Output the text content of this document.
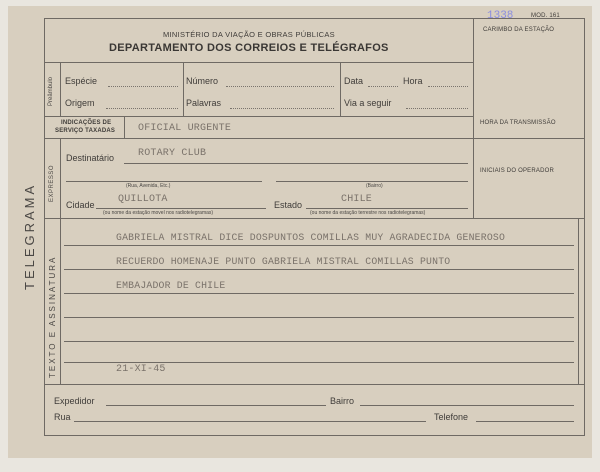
1338	MOD. 161
MINISTÉRIO DA VIAÇÃO E OBRAS PÚBLICAS
DEPARTAMENTO DOS CORREIOS E TELÉGRAFOS
CARIMBO DA ESTAÇÃO
TELEGRAMA
Preâmbulo Espécie	Número	Data	Hora
Origem	Palavras	Via a seguir
INDICAÇÕES DE
SERVIÇO TAXADAS OFICIAL URGENTE	HORA DA TRANSMISSÃO
INICIAIS DO OPERADOR
EXPRESSO
Destinatário ROTARY CLUB
(Rua, Avenida, Etc.)	(Bairro)
Cidade QUILLOTA
(ou nome da estação movel nos radiotelegramas)
Estado	CHILE
(ou nome da estação terrestre nos radiotelegramas)
TEXTO E ASSINATURA
GABRIELA MISTRAL DICE DOSPUNTOS COMILLAS MUY AGRADECIDA GENEROSO
RECUERDO HOMENAJE PUNTO GABRIELA MISTRAL COMILLAS PUNTO
EMBAJADOR DE CHILE
21-XI-45
Expedidor	Bairro
Rua	Telefone
